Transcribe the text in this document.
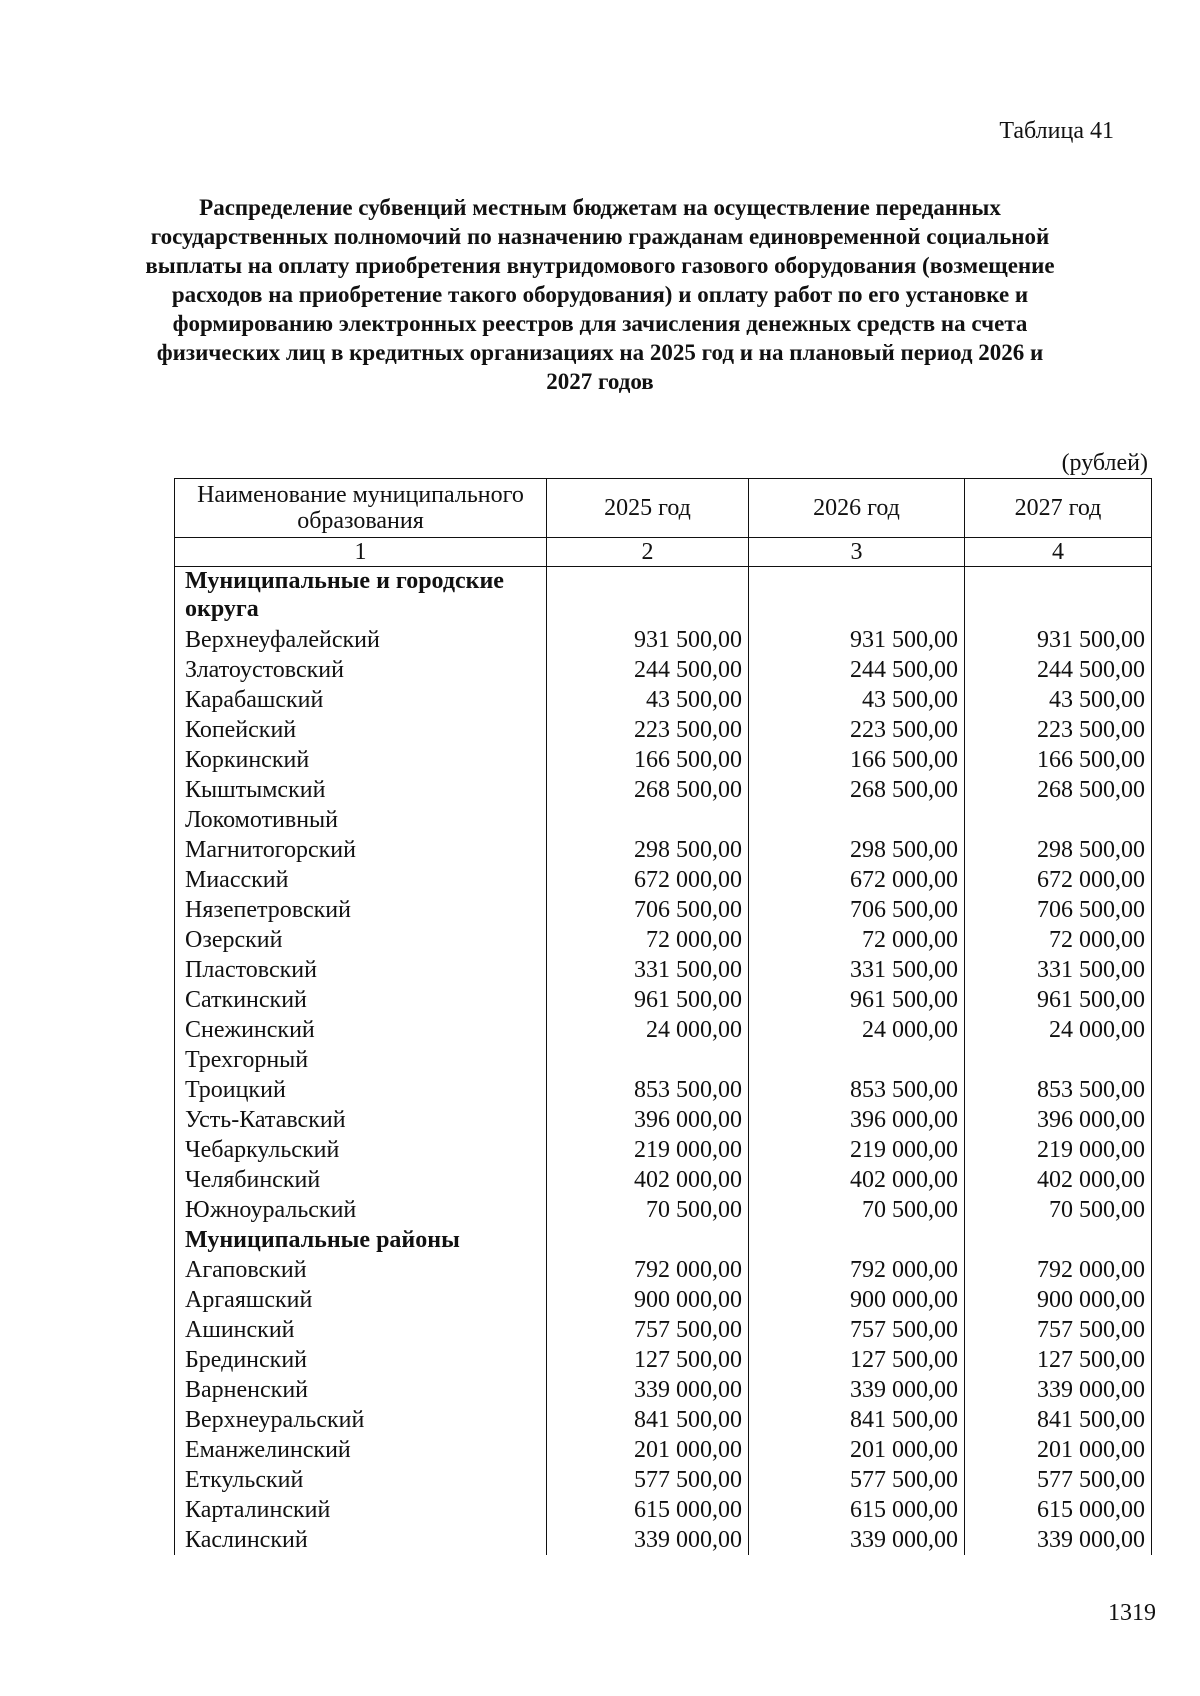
Таблица 41
Распределение субвенций местным бюджетам на осуществление переданных государственных полномочий по назначению гражданам единовременной социальной выплаты на оплату приобретения внутридомового газового оборудования (возмещение расходов на приобретение такого оборудования) и оплату работ по его установке и формированию электронных реестров для зачисления денежных средств на счета физических лиц в кредитных организациях на 2025 год и на плановый период 2026 и 2027 годов
(рублей)
Наименование муниципального образования	2025 год	2026 год	2027 год
1	2	3	4
Муниципальные и городские округа			
Верхнеуфалейский	931 500,00	931 500,00	931 500,00
Златоустовский	244 500,00	244 500,00	244 500,00
Карабашский	43 500,00	43 500,00	43 500,00
Копейский	223 500,00	223 500,00	223 500,00
Коркинский	166 500,00	166 500,00	166 500,00
Кыштымский	268 500,00	268 500,00	268 500,00
Локомотивный			
Магнитогорский	298 500,00	298 500,00	298 500,00
Миасский	672 000,00	672 000,00	672 000,00
Нязепетровский	706 500,00	706 500,00	706 500,00
Озерский	72 000,00	72 000,00	72 000,00
Пластовский	331 500,00	331 500,00	331 500,00
Саткинский	961 500,00	961 500,00	961 500,00
Снежинский	24 000,00	24 000,00	24 000,00
Трехгорный			
Троицкий	853 500,00	853 500,00	853 500,00
Усть-Катавский	396 000,00	396 000,00	396 000,00
Чебаркульский	219 000,00	219 000,00	219 000,00
Челябинский	402 000,00	402 000,00	402 000,00
Южноуральский	70 500,00	70 500,00	70 500,00
Муниципальные районы			
Агаповский	792 000,00	792 000,00	792 000,00
Аргаяшский	900 000,00	900 000,00	900 000,00
Ашинский	757 500,00	757 500,00	757 500,00
Брединский	127 500,00	127 500,00	127 500,00
Варненский	339 000,00	339 000,00	339 000,00
Верхнеуральский	841 500,00	841 500,00	841 500,00
Еманжелинский	201 000,00	201 000,00	201 000,00
Еткульский	577 500,00	577 500,00	577 500,00
Карталинский	615 000,00	615 000,00	615 000,00
Каслинский	339 000,00	339 000,00	339 000,00
1319
